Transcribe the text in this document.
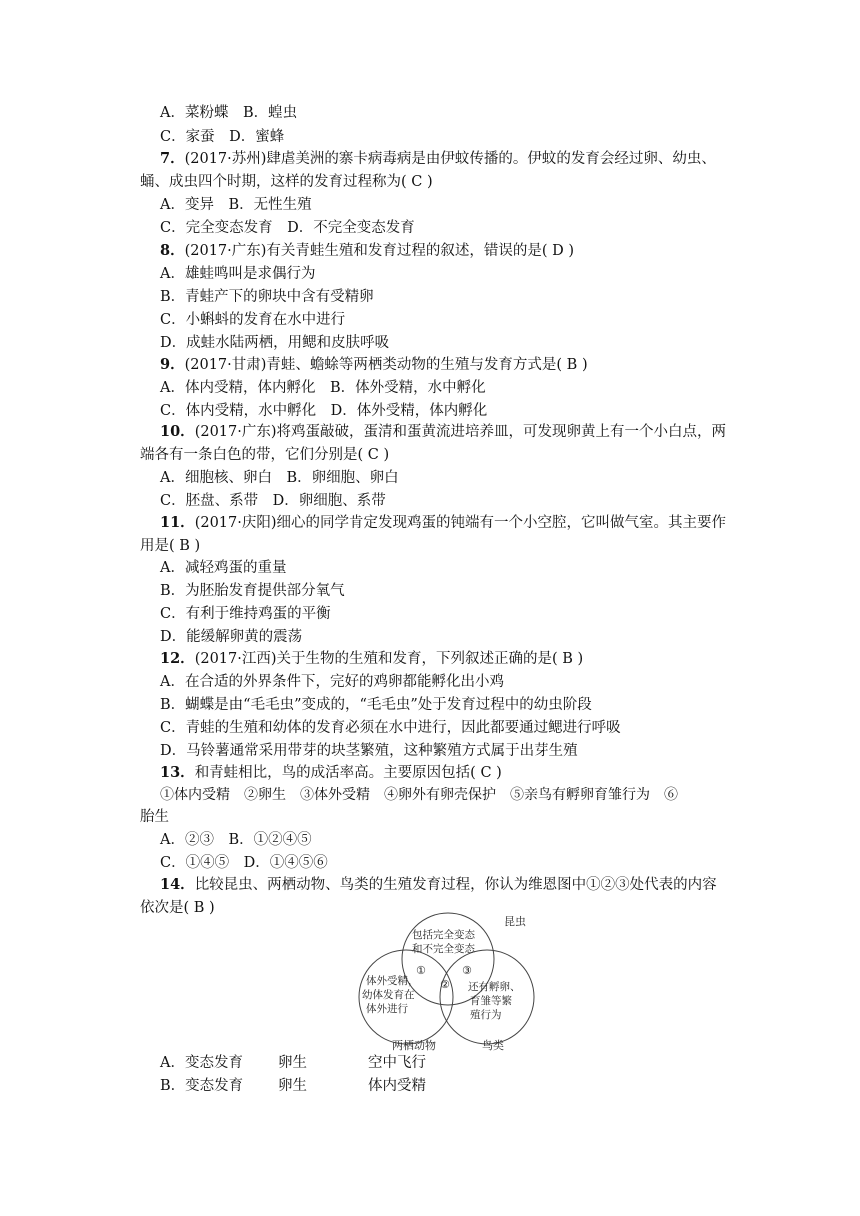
A．菜粉蝶　B．蝗虫
C．家蚕　D．蜜蜂
7．(2017·苏州)肆虐美洲的寨卡病毒病是由伊蚊传播的。伊蚊的发育会经过卵、幼虫、
蛹、成虫四个时期，这样的发育过程称为( C )
A．变异　B．无性生殖
C．完全变态发育　D．不完全变态发育
8．(2017·广东)有关青蛙生殖和发育过程的叙述，错误的是( D )
A．雄蛙鸣叫是求偶行为
B．青蛙产下的卵块中含有受精卵
C．小蝌蚪的发育在水中进行
D．成蛙水陆两栖，用鳃和皮肤呼吸
9．(2017·甘肃)青蛙、蟾蜍等两栖类动物的生殖与发育方式是( B )
A．体内受精，体内孵化　B．体外受精，水中孵化
C．体内受精，水中孵化　D．体外受精，体内孵化
10．(2017·广东)将鸡蛋敲破，蛋清和蛋黄流进培养皿，可发现卵黄上有一个小白点，两
端各有一条白色的带，它们分别是( C )
A．细胞核、卵白　B．卵细胞、卵白
C．胚盘、系带　D．卵细胞、系带
11．(2017·庆阳)细心的同学肯定发现鸡蛋的钝端有一个小空腔，它叫做气室。其主要作
用是( B )
A．减轻鸡蛋的重量
B．为胚胎发育提供部分氧气
C．有利于维持鸡蛋的平衡
D．能缓解卵黄的震荡
12．(2017·江西)关于生物的生殖和发育，下列叙述正确的是( B )
A．在合适的外界条件下，完好的鸡卵都能孵化出小鸡
B．蝴蝶是由“毛毛虫”变成的，“毛毛虫”处于发育过程中的幼虫阶段
C．青蛙的生殖和幼体的发育必须在水中进行，因此都要通过鳃进行呼吸
D．马铃薯通常采用带芽的块茎繁殖，这种繁殖方式属于出芽生殖
13．和青蛙相比，鸟的成活率高。主要原因包括( C )
①体内受精　②卵生　③体外受精　④卵外有卵壳保护　⑤亲鸟有孵卵育雏行为　⑥
胎生
A．②③　B．①②④⑤
C．①④⑤　D．①④⑤⑥
14．比较昆虫、两栖动物、鸟类的生殖发育过程，你认为维恩图中①②③处代表的内容
依次是( B )
昆虫
两栖动物	鸟类
包括完全变态
和不完全变态
体外受精，
幼体发育在
体外进行
还有孵卵、
育雏等繁
殖行为
①
②
③
A．变态发育 卵生	空中飞行
B．变态发育 卵生	体内受精
